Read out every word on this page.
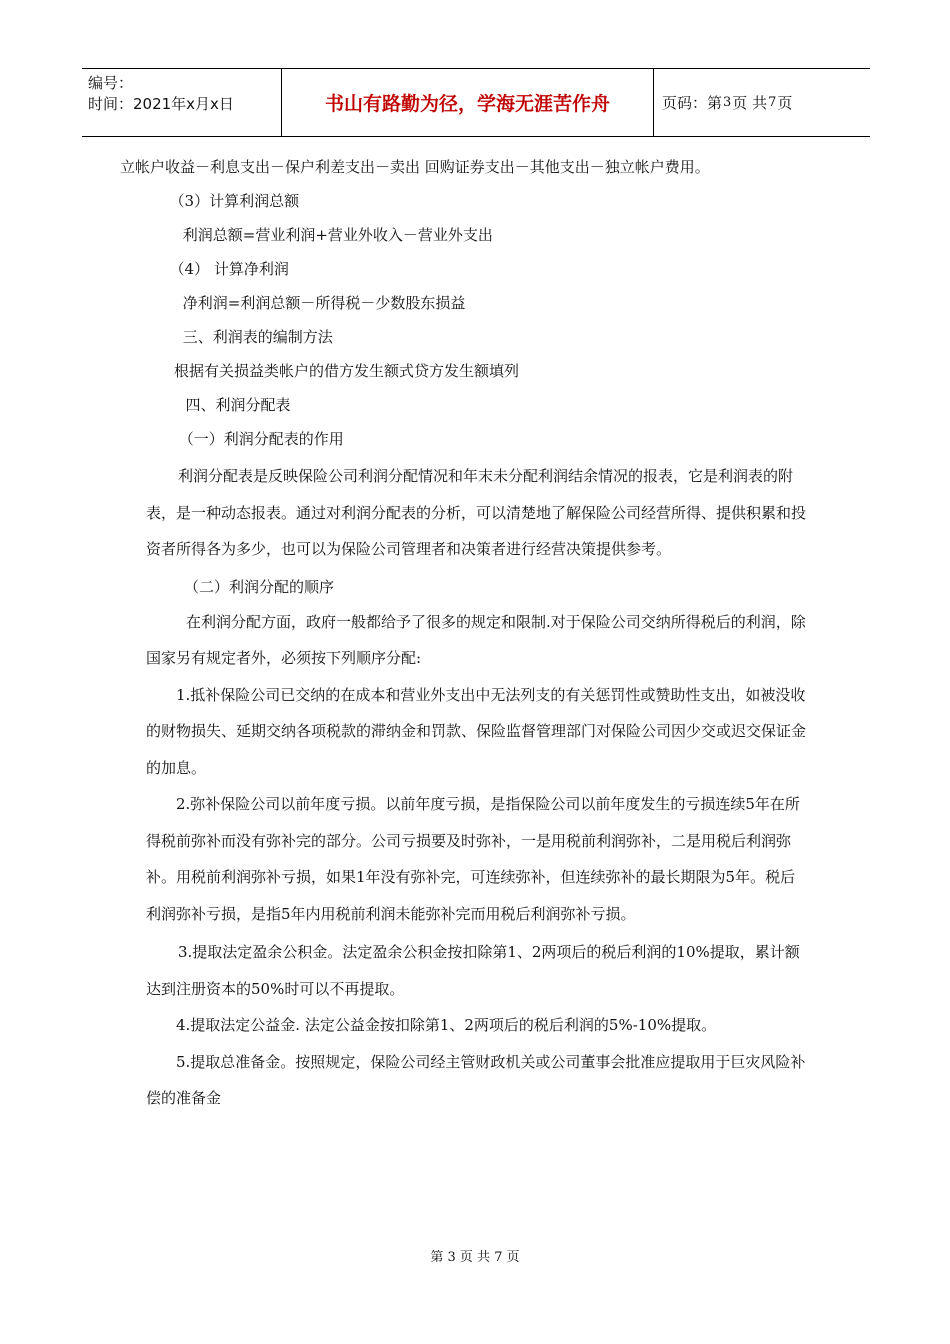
编号：
时间：2021年x月x日	书山有路勤为径，学海无涯苦作舟	页码：第 3 页 共 7 页

立帐户收益－利息支出－保户利差支出－卖出 回购证券支出－其他支出－独立帐户费用。

（3）计算利润总额

利润总额=营业利润+营业外收入－营业外支出

（4） 计算净利润

净利润=利润总额－所得税－少数股东损益

三、利润表的编制方法

根据有关损益类帐户的借方发生额式贷方发生额填列

四、利润分配表

（一）利润分配表的作用

利润分配表是反映保险公司利润分配情况和年末未分配利润结余情况的报表，它是利润表的附表，是一种动态报表。通过对利润分配表的分析，可以清楚地了解保险公司经营所得、提供积累和投资者所得各为多少，也可以为保险公司管理者和决策者进行经营决策提供参考。

（二）利润分配的顺序

在利润分配方面，政府一般都给予了很多的规定和限制.对于保险公司交纳所得税后的利润，除国家另有规定者外，必须按下列顺序分配:

1.抵补保险公司已交纳的在成本和营业外支出中无法列支的有关惩罚性或赞助性支出，如被没收的财物损失、延期交纳各项税款的滞纳金和罚款、保险监督管理部门对保险公司因少交或迟交保证金的加息。

2.弥补保险公司以前年度亏损。以前年度亏损，是指保险公司以前年度发生的亏损连续5年在所得税前弥补而没有弥补完的部分。公司亏损要及时弥补，一是用税前利润弥补，二是用税后利润弥补。用税前利润弥补亏损，如果1年没有弥补完，可连续弥补，但连续弥补的最长期限为5年。税后利润弥补亏损，是指5年内用税前利润未能弥补完而用税后利润弥补亏损。

3.提取法定盈余公积金。法定盈余公积金按扣除第1、2两项后的税后利润的10%提取，累计额达到注册资本的50%时可以不再提取。

4.提取法定公益金. 法定公益金按扣除第1、2两项后的税后利润的5%-10%提取。

5.提取总准备金。按照规定，保险公司经主管财政机关或公司董事会批准应提取用于巨灾风险补偿的准备金

第 3 页 共 7 页
